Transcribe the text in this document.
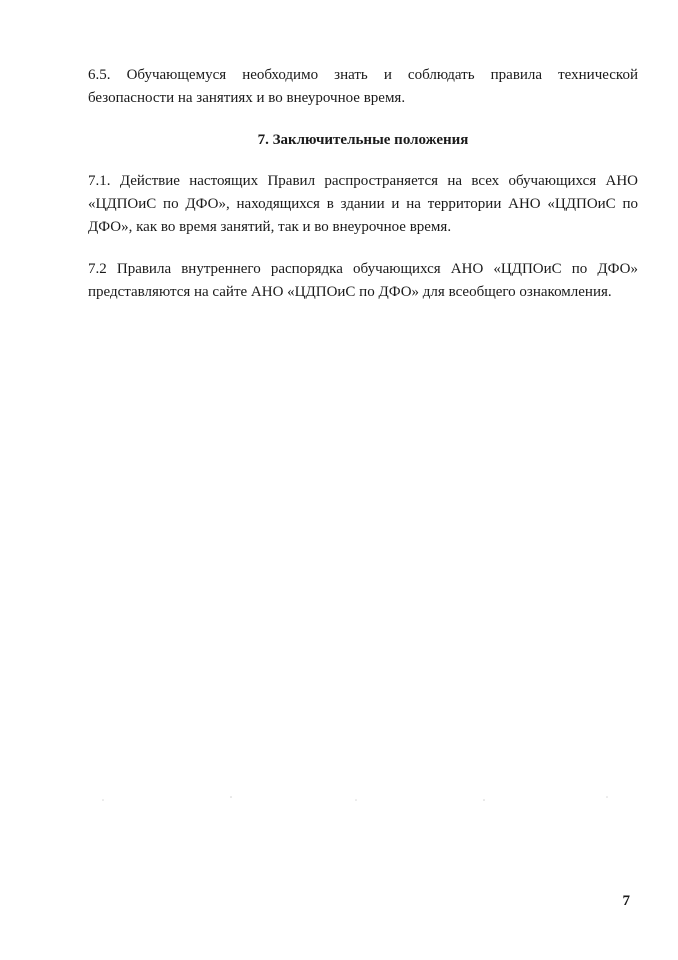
6.5. Обучающемуся необходимо знать и соблюдать правила технической безопасности на занятиях и во внеурочное время.

7. Заключительные положения

7.1. Действие настоящих Правил распространяется на всех обучающихся АНО «ЦДПОиС по ДФО», находящихся в здании и на территории АНО «ЦДПОиС по ДФО», как во время занятий, так и во внеурочное время.

7.2 Правила внутреннего распорядка обучающихся АНО «ЦДПОиС по ДФО» представляются на сайте АНО «ЦДПОиС по ДФО» для всеобщего ознакомления.

7
